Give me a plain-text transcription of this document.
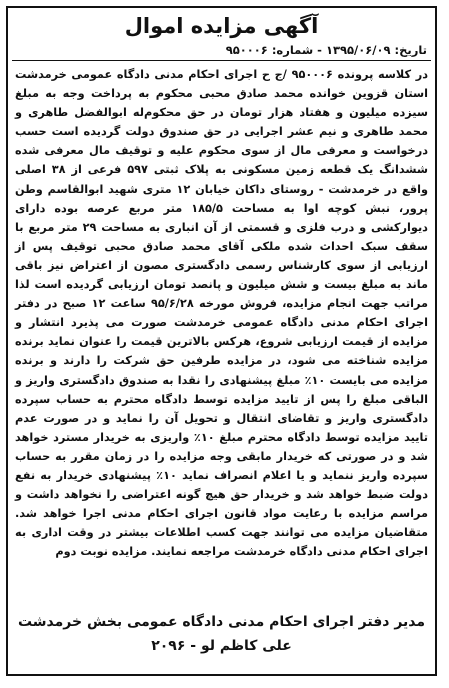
آگهی مزایده اموال
تاریخ: ۱۳۹۵/۰۶/۰۹ - شماره: ۹۵۰۰۰۶

در کلاسه پرونده ۹۵۰۰۰۶ /ج ح اجرای احکام مدنی دادگاه عمومی خرمدشت استان قزوین خوانده محمد صادق محبی محکوم به پرداخت وجه به مبلغ سیزده میلیون و هفتاد هزار تومان در حق محکوم‌له ابوالفضل طاهری و محمد طاهری و نیم عشر اجرایی در حق صندوق دولت گردیده است حسب درخواست و معرفی مال از سوی محکوم علیه و توقیف مال معرفی شده ششدانگ یک قطعه زمین مسکونی به پلاک ثبتی ۵۹۷ فرعی از ۳۸ اصلی واقع در خرمدشت - روستای داکان خیابان ۱۲ متری شهید ابوالقاسم وطن پرور، نبش کوچه اوا به مساحت ۱۸۵/۵ متر مربع عرصه بوده دارای دیوارکشی و درب فلزی و قسمتی از آن انباری به مساحت ۲۹ متر مربع با سقف سبک احداث شده ملکی آقای محمد صادق محبی توقیف پس از ارزیابی از سوی کارشناس رسمی دادگستری مصون از اعتراض نیز باقی ماند به مبلغ بیست و شش میلیون و پانصد تومان ارزیابی گردیده است لذا مراتب جهت انجام مزایده، فروش مورخه ۹۵/۶/۲۸ ساعت ۱۲ صبح در دفتر اجرای احکام مدنی دادگاه عمومی خرمدشت صورت می پذیرد انتشار و مزایده از قیمت ارزیابی شروع، هرکس بالاترین قیمت را عنوان نماید برنده مزایده شناخته می شود، در مزایده طرفین حق شرکت را دارند و برنده مزایده می بایست ۱۰٪ مبلغ پیشنهادی را نقدا به صندوق دادگستری واریز و الباقی مبلغ را پس از تایید مزایده توسط دادگاه محترم به حساب سپرده دادگستری واریز و تقاضای انتقال و تحویل آن را نماید و در صورت عدم تایید مزایده توسط دادگاه محترم مبلغ ۱۰٪ واریزی به خریدار مسترد خواهد شد و در صورتی که خریدار مابقی وجه مزایده را در زمان مقرر به حساب سپرده واریز ننماید و یا اعلام انصراف نماید ۱۰٪ پیشنهادی خریدار به نفع دولت ضبط خواهد شد و خریدار حق هیچ گونه اعتراضی را نخواهد داشت و مراسم مزایده با رعایت مواد قانون اجرای احکام مدنی اجرا خواهد شد. متقاضیان مزایده می توانند جهت کسب اطلاعات بیشتر در وقت اداری به اجرای احکام مدنی دادگاه خرمدشت مراجعه نمایند. مزایده نوبت دوم

مدیر دفتر اجرای احکام مدنی دادگاه عمومی بخش خرمدشت
علی کاظم لو - ۲۰۹۶
